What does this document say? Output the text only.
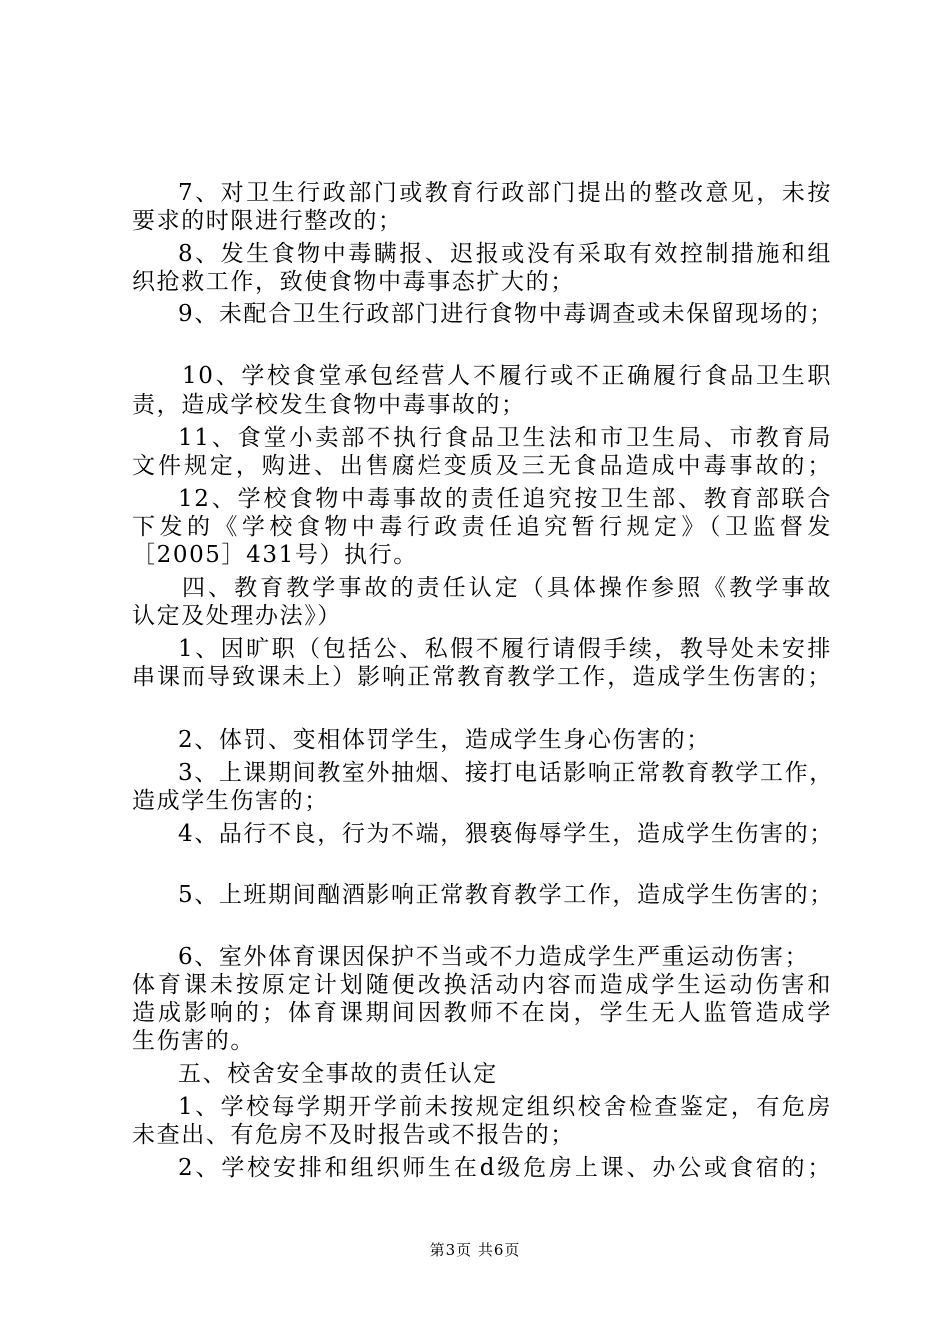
7、对卫生行政部门或教育行政部门提出的整改意见，未按
要求的时限进行整改的；
8、发生食物中毒瞒报、迟报或没有采取有效控制措施和组
织抢救工作，致使食物中毒事态扩大的；
9、未配合卫生行政部门进行食物中毒调查或未保留现场的；
10、学校食堂承包经营人不履行或不正确履行食品卫生职
责，造成学校发生食物中毒事故的；
11、食堂小卖部不执行食品卫生法和市卫生局、市教育局
文件规定，购进、出售腐烂变质及三无食品造成中毒事故的；
12、学校食物中毒事故的责任追究按卫生部、教育部联合
下发的《学校食物中毒行政责任追究暂行规定》（卫监督发
［2005］431号）执行。
四、教育教学事故的责任认定（具体操作参照《教学事故
认定及处理办法》）
1、因旷职（包括公、私假不履行请假手续，教导处未安排
串课而导致课未上）影响正常教育教学工作，造成学生伤害的；
2、体罚、变相体罚学生，造成学生身心伤害的；
3、上课期间教室外抽烟、接打电话影响正常教育教学工作，
造成学生伤害的；
4、品行不良，行为不端，猥亵侮辱学生，造成学生伤害的；
5、上班期间酗酒影响正常教育教学工作，造成学生伤害的；
6、室外体育课因保护不当或不力造成学生严重运动伤害；
体育课未按原定计划随便改换活动内容而造成学生运动伤害和
造成影响的；体育课期间因教师不在岗，学生无人监管造成学
生伤害的。
五、校舍安全事故的责任认定
1、学校每学期开学前未按规定组织校舍检查鉴定，有危房
未查出、有危房不及时报告或不报告的；
2、学校安排和组织师生在d级危房上课、办公或食宿的；
第3页 共6页
